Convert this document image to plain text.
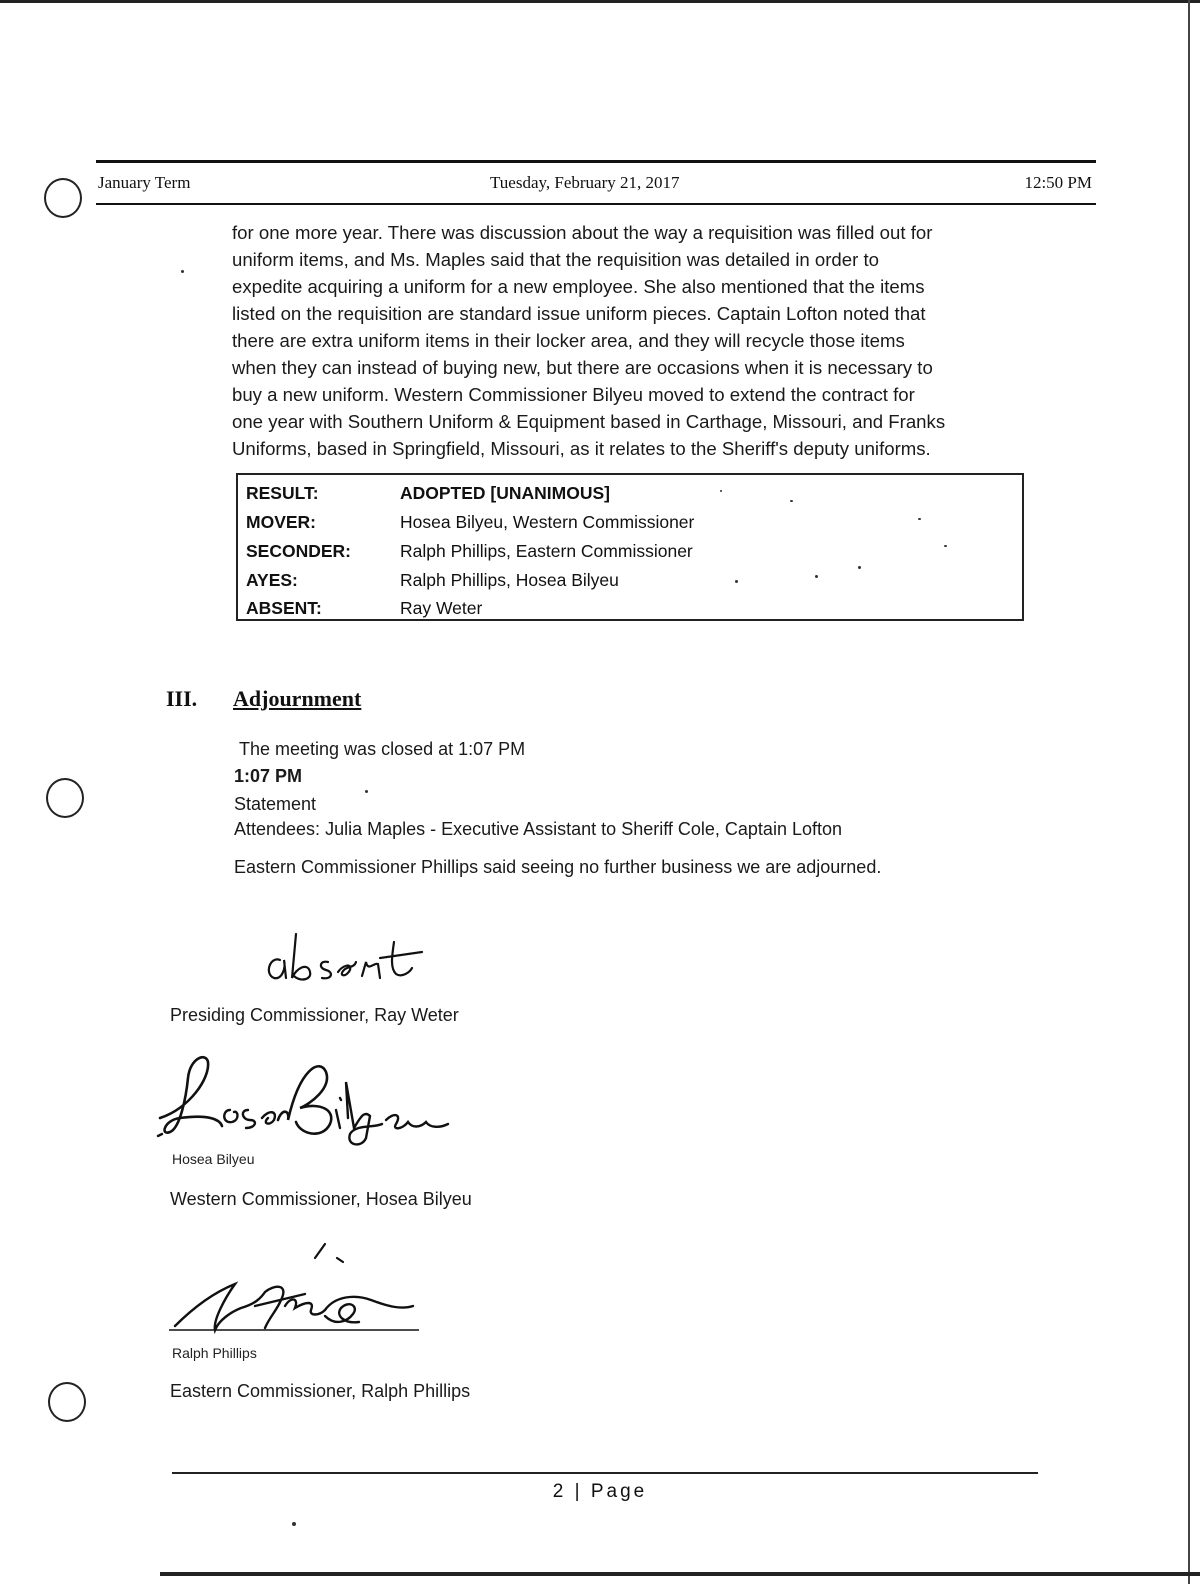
January Term	Tuesday, February 21, 2017	12:50 PM
for one more year. There was discussion about the way a requisition was filled out for
uniform items, and Ms. Maples said that the requisition was detailed in order to
expedite acquiring a uniform for a new employee. She also mentioned that the items
listed on the requisition are standard issue uniform pieces. Captain Lofton noted that
there are extra uniform items in their locker area, and they will recycle those items
when they can instead of buying new, but there are occasions when it is necessary to
buy a new uniform. Western Commissioner Bilyeu moved to extend the contract for
one year with Southern Uniform & Equipment based in Carthage, Missouri, and Franks
Uniforms, based in Springfield, Missouri, as it relates to the Sheriff's deputy uniforms.
RESULT:	ADOPTED [UNANIMOUS]
MOVER:	Hosea Bilyeu, Western Commissioner
SECONDER:	Ralph Phillips, Eastern Commissioner
AYES:	Ralph Phillips, Hosea Bilyeu
ABSENT:	Ray Weter
III. Adjournment
The meeting was closed at 1:07 PM
1:07 PM
Statement
Attendees: Julia Maples - Executive Assistant to Sheriff Cole, Captain Lofton
Eastern Commissioner Phillips said seeing no further business we are adjourned.
Presiding Commissioner, Ray Weter
Hosea Bilyeu
Western Commissioner, Hosea Bilyeu
Ralph Phillips
Eastern Commissioner, Ralph Phillips
2 | Page
